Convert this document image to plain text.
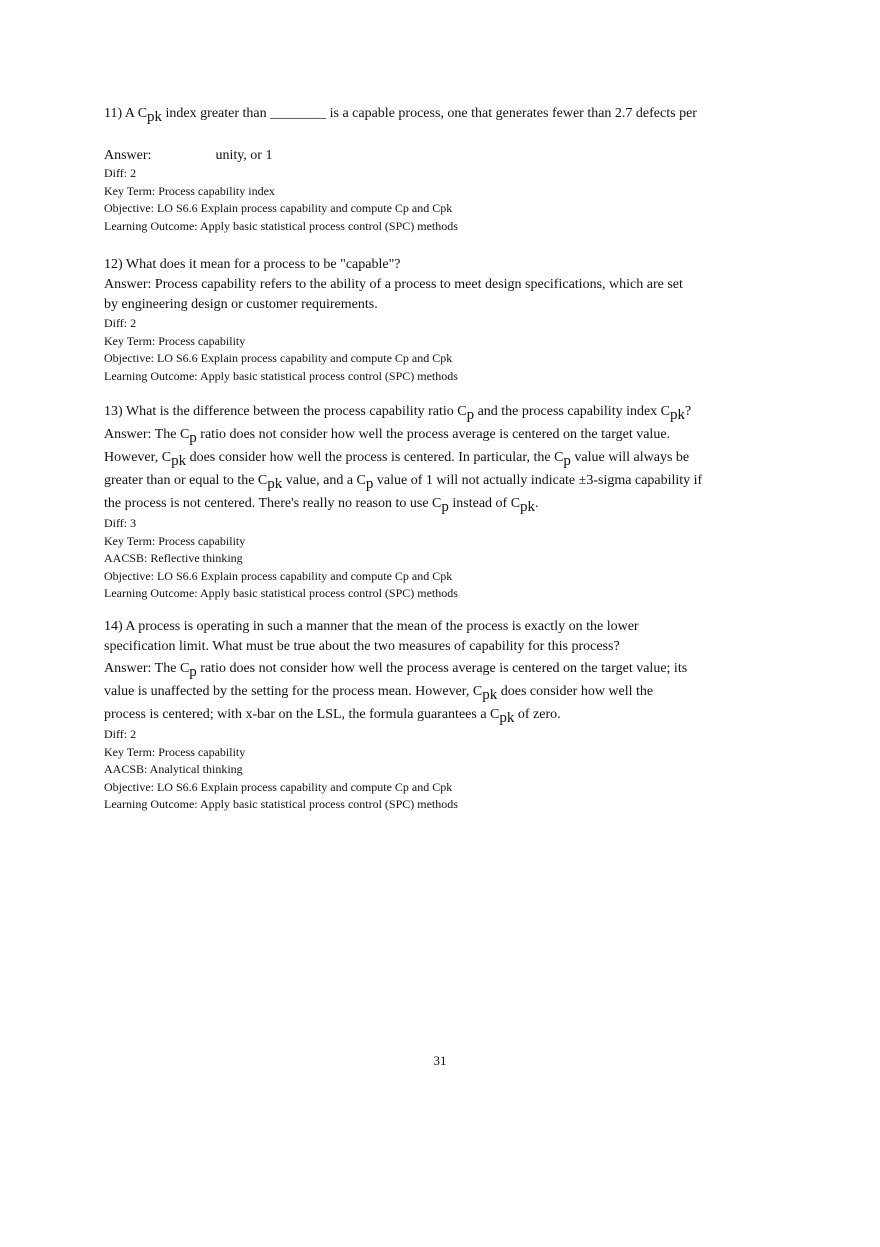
11) A Cpk index greater than ________ is a capable process, one that generates fewer than 2.7 defects per

Answer:	unity, or 1

Diff: 2

Key Term: Process capability index

Objective: LO S6.6 Explain process capability and compute Cp and Cpk

Learning Outcome: Apply basic statistical process control (SPC) methods

12) What does it mean for a process to be "capable"?

Answer: Process capability refers to the ability of a process to meet design specifications, which are set

by engineering design or customer requirements.

Diff: 2

Key Term: Process capability

Objective: LO S6.6 Explain process capability and compute Cp and Cpk

Learning Outcome: Apply basic statistical process control (SPC) methods

13) What is the difference between the process capability ratio Cp and the process capability index Cpk?

Answer: The Cp ratio does not consider how well the process average is centered on the target value.

However, Cpk does consider how well the process is centered. In particular, the Cp value will always be

greater than or equal to the Cpk value, and a Cp value of 1 will not actually indicate ±3-sigma capability if

the process is not centered. There's really no reason to use Cp instead of Cpk.

Diff: 3

Key Term: Process capability

AACSB: Reflective thinking

Objective: LO S6.6 Explain process capability and compute Cp and Cpk

Learning Outcome: Apply basic statistical process control (SPC) methods

14) A process is operating in such a manner that the mean of the process is exactly on the lower

specification limit. What must be true about the two measures of capability for this process?

Answer: The Cp ratio does not consider how well the process average is centered on the target value; its

value is unaffected by the setting for the process mean. However, Cpk does consider how well the

process is centered; with x-bar on the LSL, the formula guarantees a Cpk of zero.

Diff: 2

Key Term: Process capability

AACSB: Analytical thinking

Objective: LO S6.6 Explain process capability and compute Cp and Cpk

Learning Outcome: Apply basic statistical process control (SPC) methods

31
